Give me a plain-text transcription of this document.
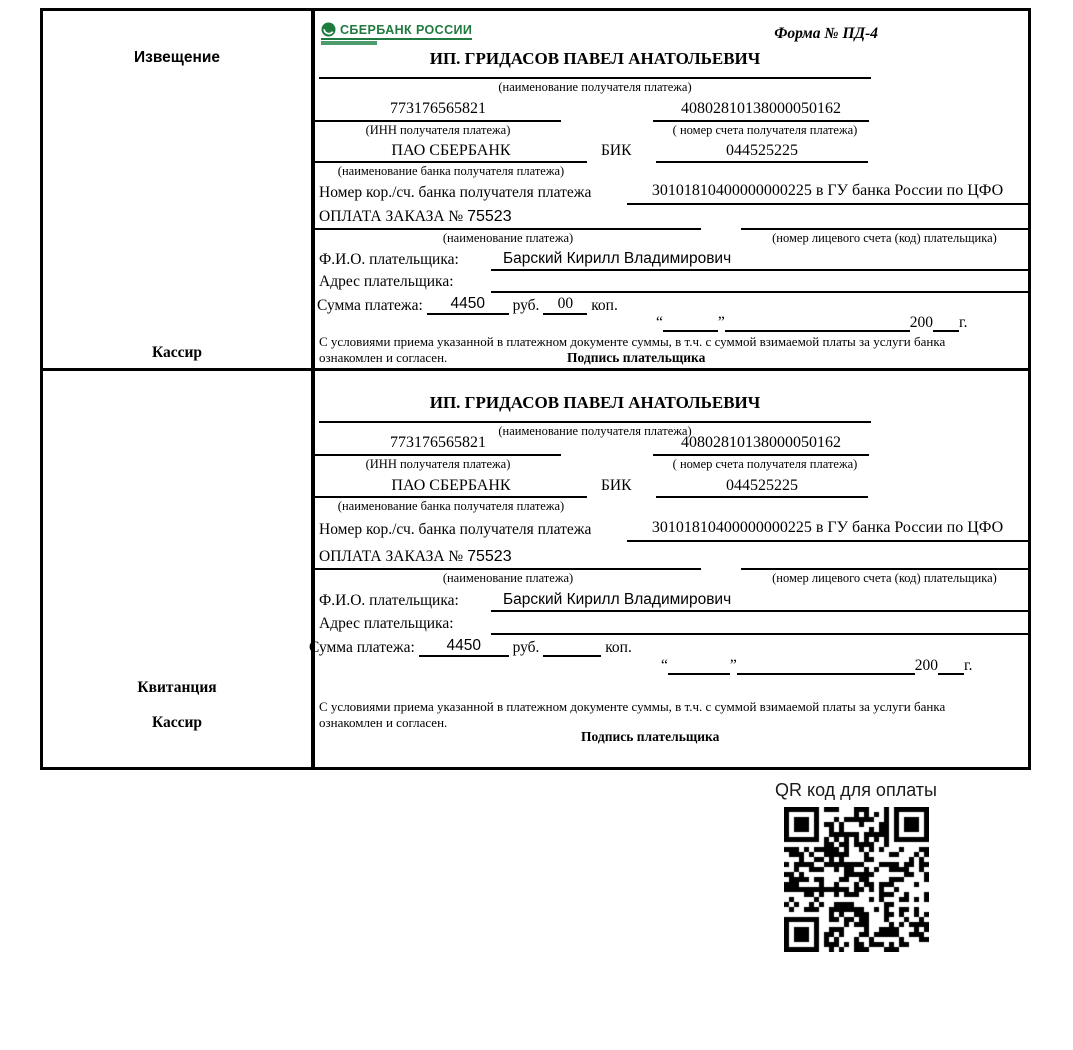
Извещение
Кассир
СБЕРБАНК РОССИИ	Форма № ПД-4
ИП. ГРИДАСОВ ПАВЕЛ АНАТОЛЬЕВИЧ
(наименование получателя платежа)
773176565821	40802810138000050162
(ИНН получателя платежа)	( номер счета получателя платежа)
ПАО СБЕРБАНК	БИК	044525225
(наименование банка получателя платежа)
Номер кор./сч. банка получателя платежа	30101810400000000225 в ГУ банка России по ЦФО
ОПЛАТА ЗАКАЗА № 75523
(наименование платежа)	(номер лицевого счета (код) плательщика)
Ф.И.О. плательщика:	Барский Кирилл Владимирович
Адрес плательщика:
Сумма платежа: 4450 руб. 00 коп.
“	”	200 г.
С условиями приема указанной в платежном документе суммы, в т.ч. с суммой взимаемой платы за услуги банка ознакомлен и согласен.	Подпись плательщика
Квитанция
Кассир
ИП. ГРИДАСОВ ПАВЕЛ АНАТОЛЬЕВИЧ
(наименование получателя платежа)
773176565821	40802810138000050162
(ИНН получателя платежа)	( номер счета получателя платежа)
ПАО СБЕРБАНК	БИК	044525225
(наименование банка получателя платежа)
Номер кор./сч. банка получателя платежа	30101810400000000225 в ГУ банка России по ЦФО
ОПЛАТА ЗАКАЗА № 75523
(наименование платежа)	(номер лицевого счета (код) плательщика)
Ф.И.О. плательщика:	Барский Кирилл Владимирович
Адрес плательщика:
Сумма платежа: 4450 руб.	коп.
“	”	200 г.
С условиями приема указанной в платежном документе суммы, в т.ч. с суммой взимаемой платы за услуги банка ознакомлен и согласен.
Подпись плательщика
QR код для оплаты
